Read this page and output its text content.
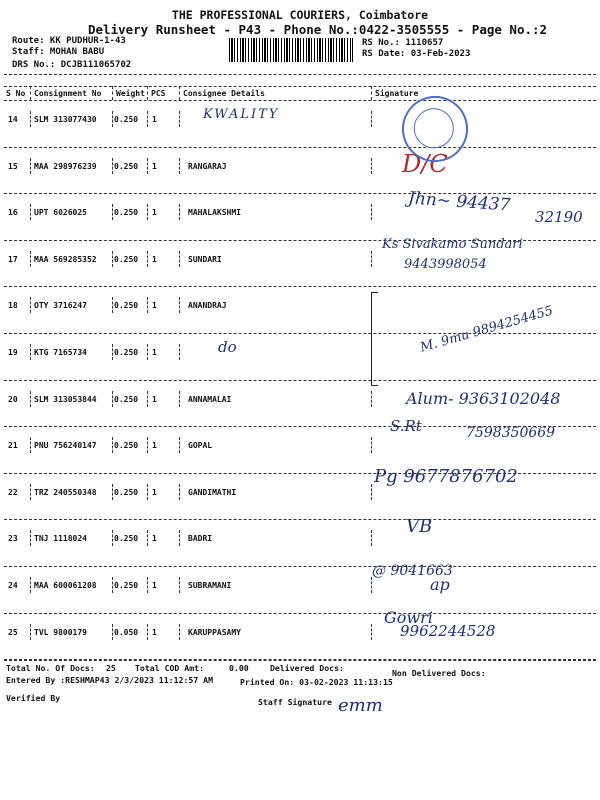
THE PROFESSIONAL COURIERS, Coimbatore
Delivery Runsheet - P43 - Phone No.:0422-3505555 - Page No.:2
Route: KK PUDHUR-1-43
Staff: MOHAN BABU
DRS No.: DCJB111065702
RS No.: 1110657
RS Date: 03-Feb-2023
S No Consignment No Weight PCS Consignee Details	Signature
14 SLM 313077430 0.250 1	KWALITY
15 MAA 298976239 0.250 1	RANGARAJ	D/C
16 UPT 6026025	0.250 1	MAHALAKSHMI	Jhn~ 94437
32190
17 MAA 569285352 0.250 1	SUNDARI
Ks Sivakamo Sundari
9443998054
18 OTY 3716247	0.250 1	ANANDRAJ
19 KTG 7165734	0.250 1	do	M. 9mu 9894254455
20 SLM 313053844 0.250 1	ANNAMALAI	Alum- 9363102048
21 PNU 756240147 0.250 1	GOPAL
S.Rt	7598350669
22 TRZ 240550348 0.250 1	GANDIMATHI
Pg 9677876702
23 TNJ 1118024	0.250 1	BADRI
VB
24 MAA 600061208 0.250 1	SUBRAMANI
@ 9041663
ap
25 TVL 9800179	0.050 1	KARUPPASAMY
Gowri
9962244528
Total No. Of Docs: 25 Total COD Amt:	0.00	Delivered Docs:	Non Delivered Docs:
Entered By :RESHMAP43 2/3/2023 11:12:57 AM	Printed On: 03-02-2023 11:13:15
Verified By	Staff Signature emm
